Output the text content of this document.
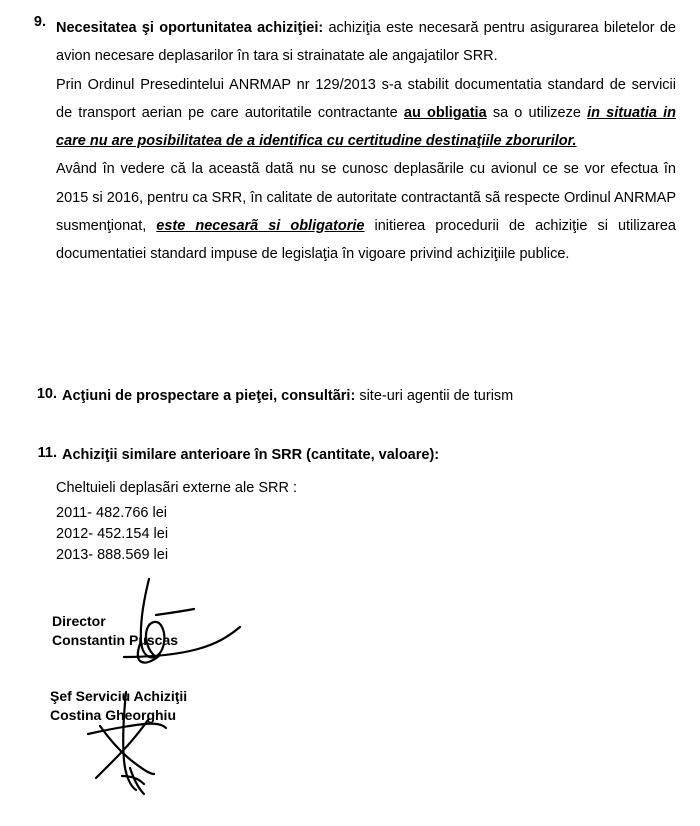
9. Necesitatea şi oportunitatea achiziţiei: achiziţia este necesară pentru asigurarea biletelor de avion necesare deplasarilor în tara si strainatate ale angajatilor SRR.

Prin Ordinul Presedintelui ANRMAP nr 129/2013 s-a stabilit documentatia standard de servicii de transport aerian pe care autoritatile contractante au obligatia sa o utilizeze in situatia in care nu are posibilitatea de a identifica cu certitudine destinaţiile zborurilor.

Având în vedere că la aceastã datã nu se cunosc deplasãrile cu avionul ce se vor efectua în 2015 si 2016, pentru ca SRR, în calitate de autoritate contractantã sã respecte Ordinul ANRMAP susmenţionat, este necesarã si obligatorie initierea procedurii de achiziţie si utilizarea documentatiei standard impuse de legislaţia în vigoare privind achiziţiile publice.

10. Acţiuni de prospectare a pieţei, consultãri: site-uri agentii de turism
11. Achiziţii similare anterioare în SRR (cantitate, valoare):
Cheltuieli deplasãri externe ale SRR :
2011- 482.766 lei
2012- 452.154 lei
2013- 888.569 lei
Director
Constantin Puscas
Şef Serviciu Achiziţii
Costina Gheorghiu
